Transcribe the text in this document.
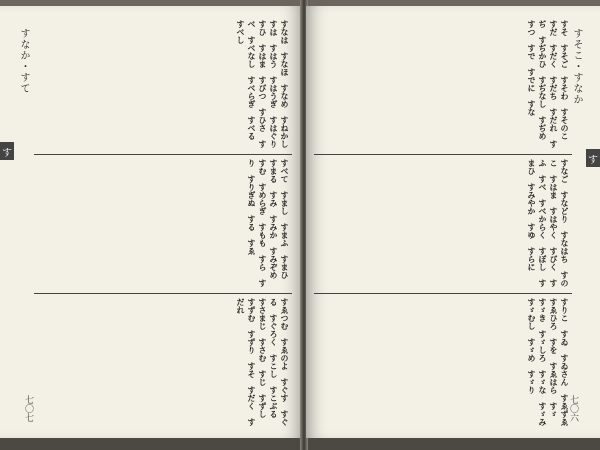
すなか・すて
す
すなは　すなほ　すなめ　すねかし　すは　すはう　すはうぎ　すはぐり　すひ　すはま　すびつ　すひさ　すべ　すべなし　すべらぎ　すべる　すべし　
すべて　すまし　すまふ　すまひ　すまる　すみ　すみか　すみぞめ　すむ　すめらぎ　すもも　すら　すり　すりぎぬ　する　すゑ　
すゑつむ　すゑのよ　すぐす　すぐる　すぐろく　すこし　すこぶる　すさまじ　すさむ　すじ　すずし　すずむ　すずり　すそ　すだく　すだれ　
七〇七
すそこ・すなか
す
すそ　すそご　すそわ　すそのこ　すだ　すだく　すだち　すだれ　すぢ　すぢかひ　すぢなし　すぢめ　すつ　すで　すでに　すな　
すなご　すなどり　すなはち　すのこ　すはま　すはやく　すびく　すふ　すべ　すべからく　すぼし　すまひ　すみやか　すゆ　すらに　
すりこ　すゐ　すゐさん　すゑずゑ　すゑひろ　すを　すゑはら　すゞ　すゞき　すゞしろ　すゞな　すゞみ　すゞむし　すゞめ　すゞり　
七〇六
